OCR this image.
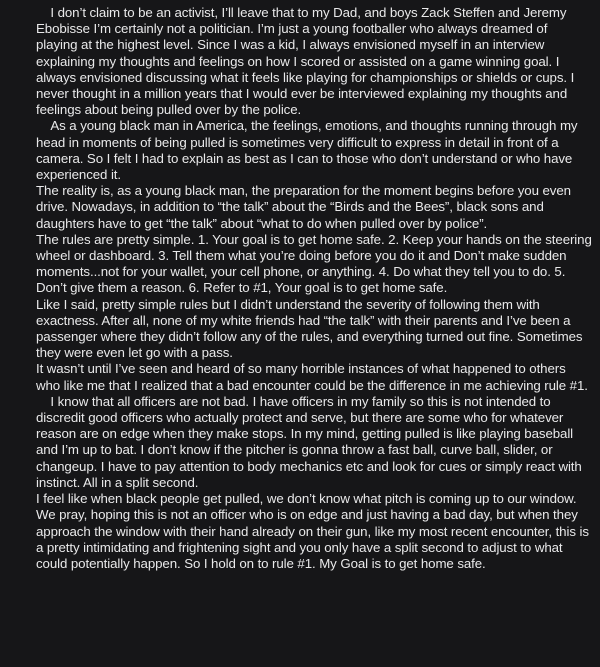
I don’t claim to be an activist, I’ll leave that to my Dad, and boys Zack Steffen and Jeremy Ebobisse I’m certainly not a politician. I’m just a young footballer who always dreamed of playing at the highest level. Since I was a kid, I always envisioned myself in an interview explaining my thoughts and feelings on how I scored or assisted on a game winning goal. I always envisioned discussing what it feels like playing for championships or shields or cups. I never thought in a million years that I would ever be interviewed explaining my thoughts and feelings about being pulled over by the police.

As a young black man in America, the feelings, emotions, and thoughts running through my head in moments of being pulled is sometimes very difficult to express in detail in front of a camera. So I felt I had to explain as best as I can to those who don’t understand or who have experienced it.

The reality is, as a young black man, the preparation for the moment begins before you even drive. Nowadays, in addition to “the talk” about the “Birds and the Bees”, black sons and daughters have to get “the talk” about “what to do when pulled over by police”.

The rules are pretty simple. 1. Your goal is to get home safe. 2. Keep your hands on the steering wheel or dashboard. 3. Tell them what you’re doing before you do it and Don’t make sudden moments...not for your wallet, your cell phone, or anything. 4. Do what they tell you to do. 5. Don’t give them a reason. 6. Refer to #1, Your goal is to get home safe.

Like I said, pretty simple rules but I didn’t understand the severity of following them with exactness. After all, none of my white friends had “the talk” with their parents and I’ve been a passenger where they didn’t follow any of the rules, and everything turned out fine. Sometimes they were even let go with a pass.

It wasn’t until I’ve seen and heard of so many horrible instances of what happened to others who like me that I realized that a bad encounter could be the difference in me achieving rule #1.

I know that all officers are not bad. I have officers in my family so this is not intended to discredit good officers who actually protect and serve, but there are some who for whatever reason are on edge when they make stops. In my mind, getting pulled is like playing baseball and I’m up to bat. I don’t know if the pitcher is gonna throw a fast ball, curve ball, slider, or changeup. I have to pay attention to body mechanics etc and look for cues or simply react with instinct. All in a split second.

I feel like when black people get pulled, we don’t know what pitch is coming up to our window. We pray, hoping this is not an officer who is on edge and just having a bad day, but when they approach the window with their hand already on their gun, like my most recent encounter, this is a pretty intimidating and frightening sight and you only have a split second to adjust to what could potentially happen. So I hold on to rule #1. My Goal is to get home safe.
